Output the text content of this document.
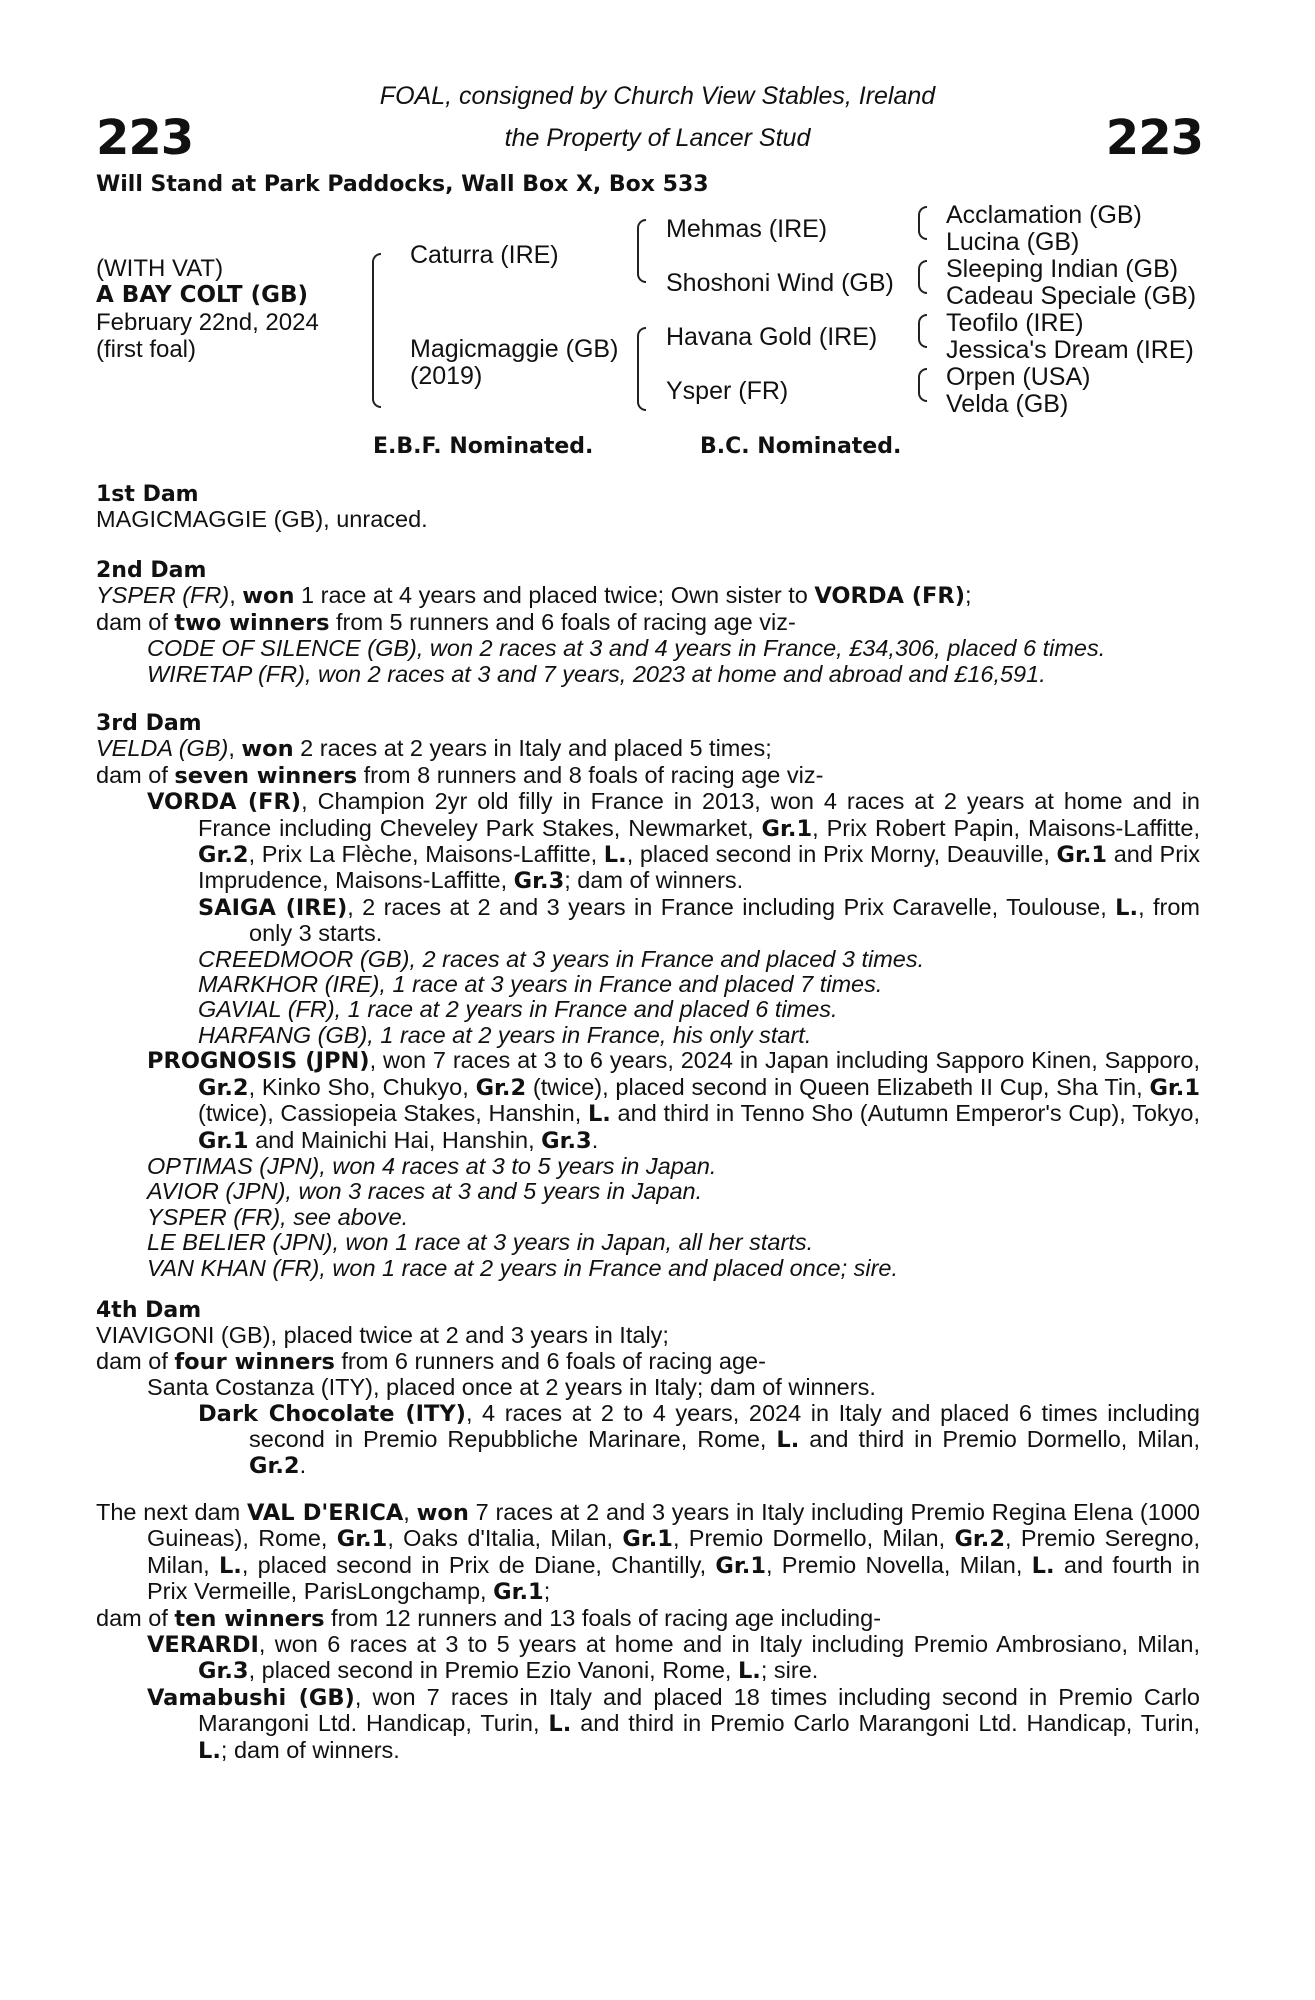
223	223
FOAL, consigned by Church View Stables, Ireland
the Property of Lancer Stud
Will Stand at Park Paddocks, Wall Box X, Box 533
(WITH VAT)
A BAY COLT (GB)
February 22nd, 2024
(first foal)
Caturra (IRE)
Magicmaggie (GB)
(2019)
Mehmas (IRE)
Shoshoni Wind (GB)
Havana Gold (IRE)
Ysper (FR)
Acclamation (GB)
Lucina (GB)
Sleeping Indian (GB)
Cadeau Speciale (GB)
Teofilo (IRE)
Jessica's Dream (IRE)
Orpen (USA)
Velda (GB)
E.B.F. Nominated.	B.C. Nominated.

1st Dam

MAGICMAGGIE (GB), unraced.

2nd Dam

YSPER (FR), won 1 race at 4 years and placed twice; Own sister to VORDA (FR);

dam of two winners from 5 runners and 6 foals of racing age viz-

CODE OF SILENCE (GB), won 2 races at 3 and 4 years in France, £34,306, placed 6 times.

WIRETAP (FR), won 2 races at 3 and 7 years, 2023 at home and abroad and £16,591.

3rd Dam

VELDA (GB), won 2 races at 2 years in Italy and placed 5 times;

dam of seven winners from 8 runners and 8 foals of racing age viz-

VORDA (FR), Champion 2yr old filly in France in 2013, won 4 races at 2 years at home and in France including Cheveley Park Stakes, Newmarket, Gr.1, Prix Robert Papin, Maisons-Laffitte, Gr.2, Prix La Flèche, Maisons-Laffitte, L., placed second in Prix Morny, Deauville, Gr.1 and Prix Imprudence, Maisons-Laffitte, Gr.3; dam of winners.

SAIGA (IRE), 2 races at 2 and 3 years in France including Prix Caravelle, Toulouse, L., from only 3 starts.

CREEDMOOR (GB), 2 races at 3 years in France and placed 3 times.

MARKHOR (IRE), 1 race at 3 years in France and placed 7 times.

GAVIAL (FR), 1 race at 2 years in France and placed 6 times.

HARFANG (GB), 1 race at 2 years in France, his only start.

PROGNOSIS (JPN), won 7 races at 3 to 6 years, 2024 in Japan including Sapporo Kinen, Sapporo, Gr.2, Kinko Sho, Chukyo, Gr.2 (twice), placed second in Queen Elizabeth II Cup, Sha Tin, Gr.1 (twice), Cassiopeia Stakes, Hanshin, L. and third in Tenno Sho (Autumn Emperor's Cup), Tokyo, Gr.1 and Mainichi Hai, Hanshin, Gr.3.

OPTIMAS (JPN), won 4 races at 3 to 5 years in Japan.

AVIOR (JPN), won 3 races at 3 and 5 years in Japan.

YSPER (FR), see above.

LE BELIER (JPN), won 1 race at 3 years in Japan, all her starts.

VAN KHAN (FR), won 1 race at 2 years in France and placed once; sire.

4th Dam

VIAVIGONI (GB), placed twice at 2 and 3 years in Italy;

dam of four winners from 6 runners and 6 foals of racing age-

Santa Costanza (ITY), placed once at 2 years in Italy; dam of winners.

Dark Chocolate (ITY), 4 races at 2 to 4 years, 2024 in Italy and placed 6 times including second in Premio Repubbliche Marinare, Rome, L. and third in Premio Dormello, Milan, Gr.2.

The next dam VAL D'ERICA, won 7 races at 2 and 3 years in Italy including Premio Regina Elena (1000 Guineas), Rome, Gr.1, Oaks d'Italia, Milan, Gr.1, Premio Dormello, Milan, Gr.2, Premio Seregno, Milan, L., placed second in Prix de Diane, Chantilly, Gr.1, Premio Novella, Milan, L. and fourth in Prix Vermeille, ParisLongchamp, Gr.1;

dam of ten winners from 12 runners and 13 foals of racing age including-

VERARDI, won 6 races at 3 to 5 years at home and in Italy including Premio Ambrosiano, Milan, Gr.3, placed second in Premio Ezio Vanoni, Rome, L.; sire.

Vamabushi (GB), won 7 races in Italy and placed 18 times including second in Premio Carlo Marangoni Ltd. Handicap, Turin, L. and third in Premio Carlo Marangoni Ltd. Handicap, Turin, L.; dam of winners.
